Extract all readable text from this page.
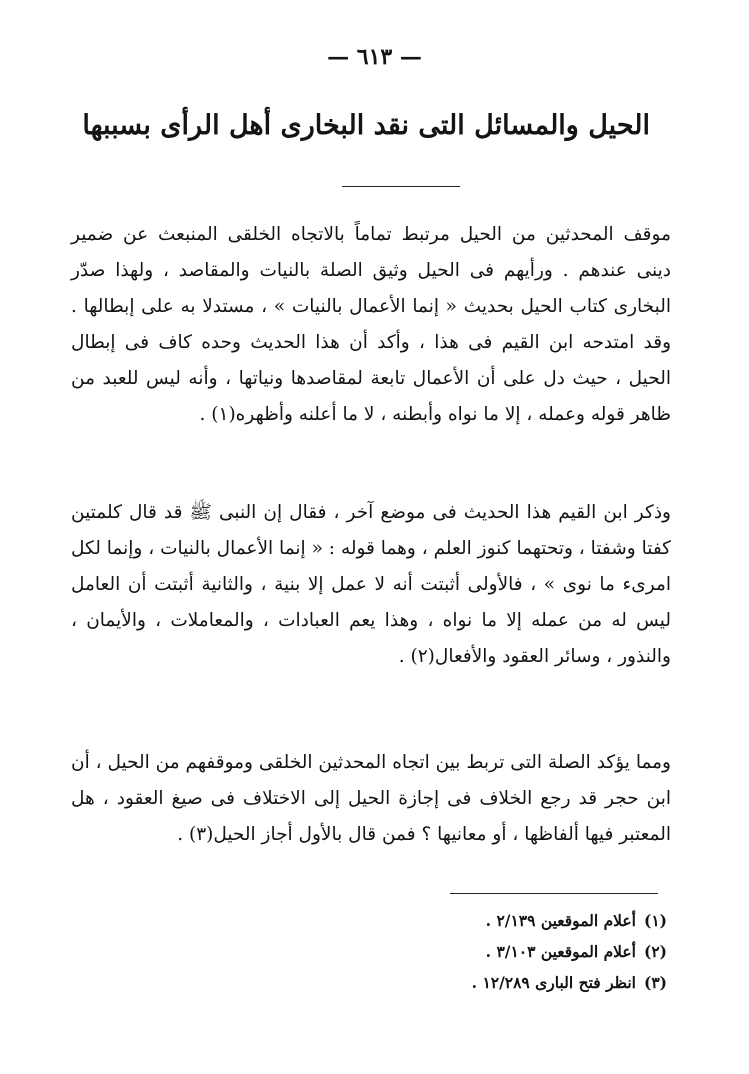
— ٦١٣ —
الحيل والمسائل التى نقد البخارى أهل الرأى بسببها

موقف المحدثين من الحيل مرتبط تماماً بالاتجاه الخلقى المنبعث عن ضمير دينى عندهم . ورأيهم فى الحيل وثيق الصلة بالنيات والمقاصد ، ولهذا صدّر البخارى كتاب الحيل بحديث « إنما الأعمال بالنيات » ، مستدلا به على إبطالها . وقد امتدحه ابن القيم فى هذا ، وأكد أن هذا الحديث وحده كاف فى إبطال الحيل ، حيث دل على أن الأعمال تابعة لمقاصدها ونياتها ، وأنه ليس للعبد من ظاهر قوله وعمله ، إلا ما نواه وأبطنه ، لا ما أعلنه وأظهره(١) .

وذكر ابن القيم هذا الحديث فى موضع آخر ، فقال إن النبى ﷺ قد قال كلمتين كفتا وشفتا ، وتحتهما كنوز العلم ، وهما قوله : « إنما الأعمال بالنيات ، وإنما لكل امرىء ما نوى » ، فالأولى أثبتت أنه لا عمل إلا بنية ، والثانية أثبتت أن العامل ليس له من عمله إلا ما نواه ، وهذا يعم العبادات ، والمعاملات ، والأيمان ، والنذور ، وسائر العقود والأفعال(٢) .

ومما يؤكد الصلة التى تربط بين اتجاه المحدثين الخلقى وموقفهم من الحيل ، أن ابن حجر قد رجع الخلاف فى إجازة الحيل إلى الاختلاف فى صيغ العقود ، هل المعتبر فيها ألفاظها ، أو معانيها ؟ فمن قال بالأول أجاز الحيل(٣) .

(١)أعلام الموقعين ٢/١٣٩ .
(٢)أعلام الموقعين ٣/١٠٣ .
(٣)انظر فتح البارى ١٢/٢٨٩ .
